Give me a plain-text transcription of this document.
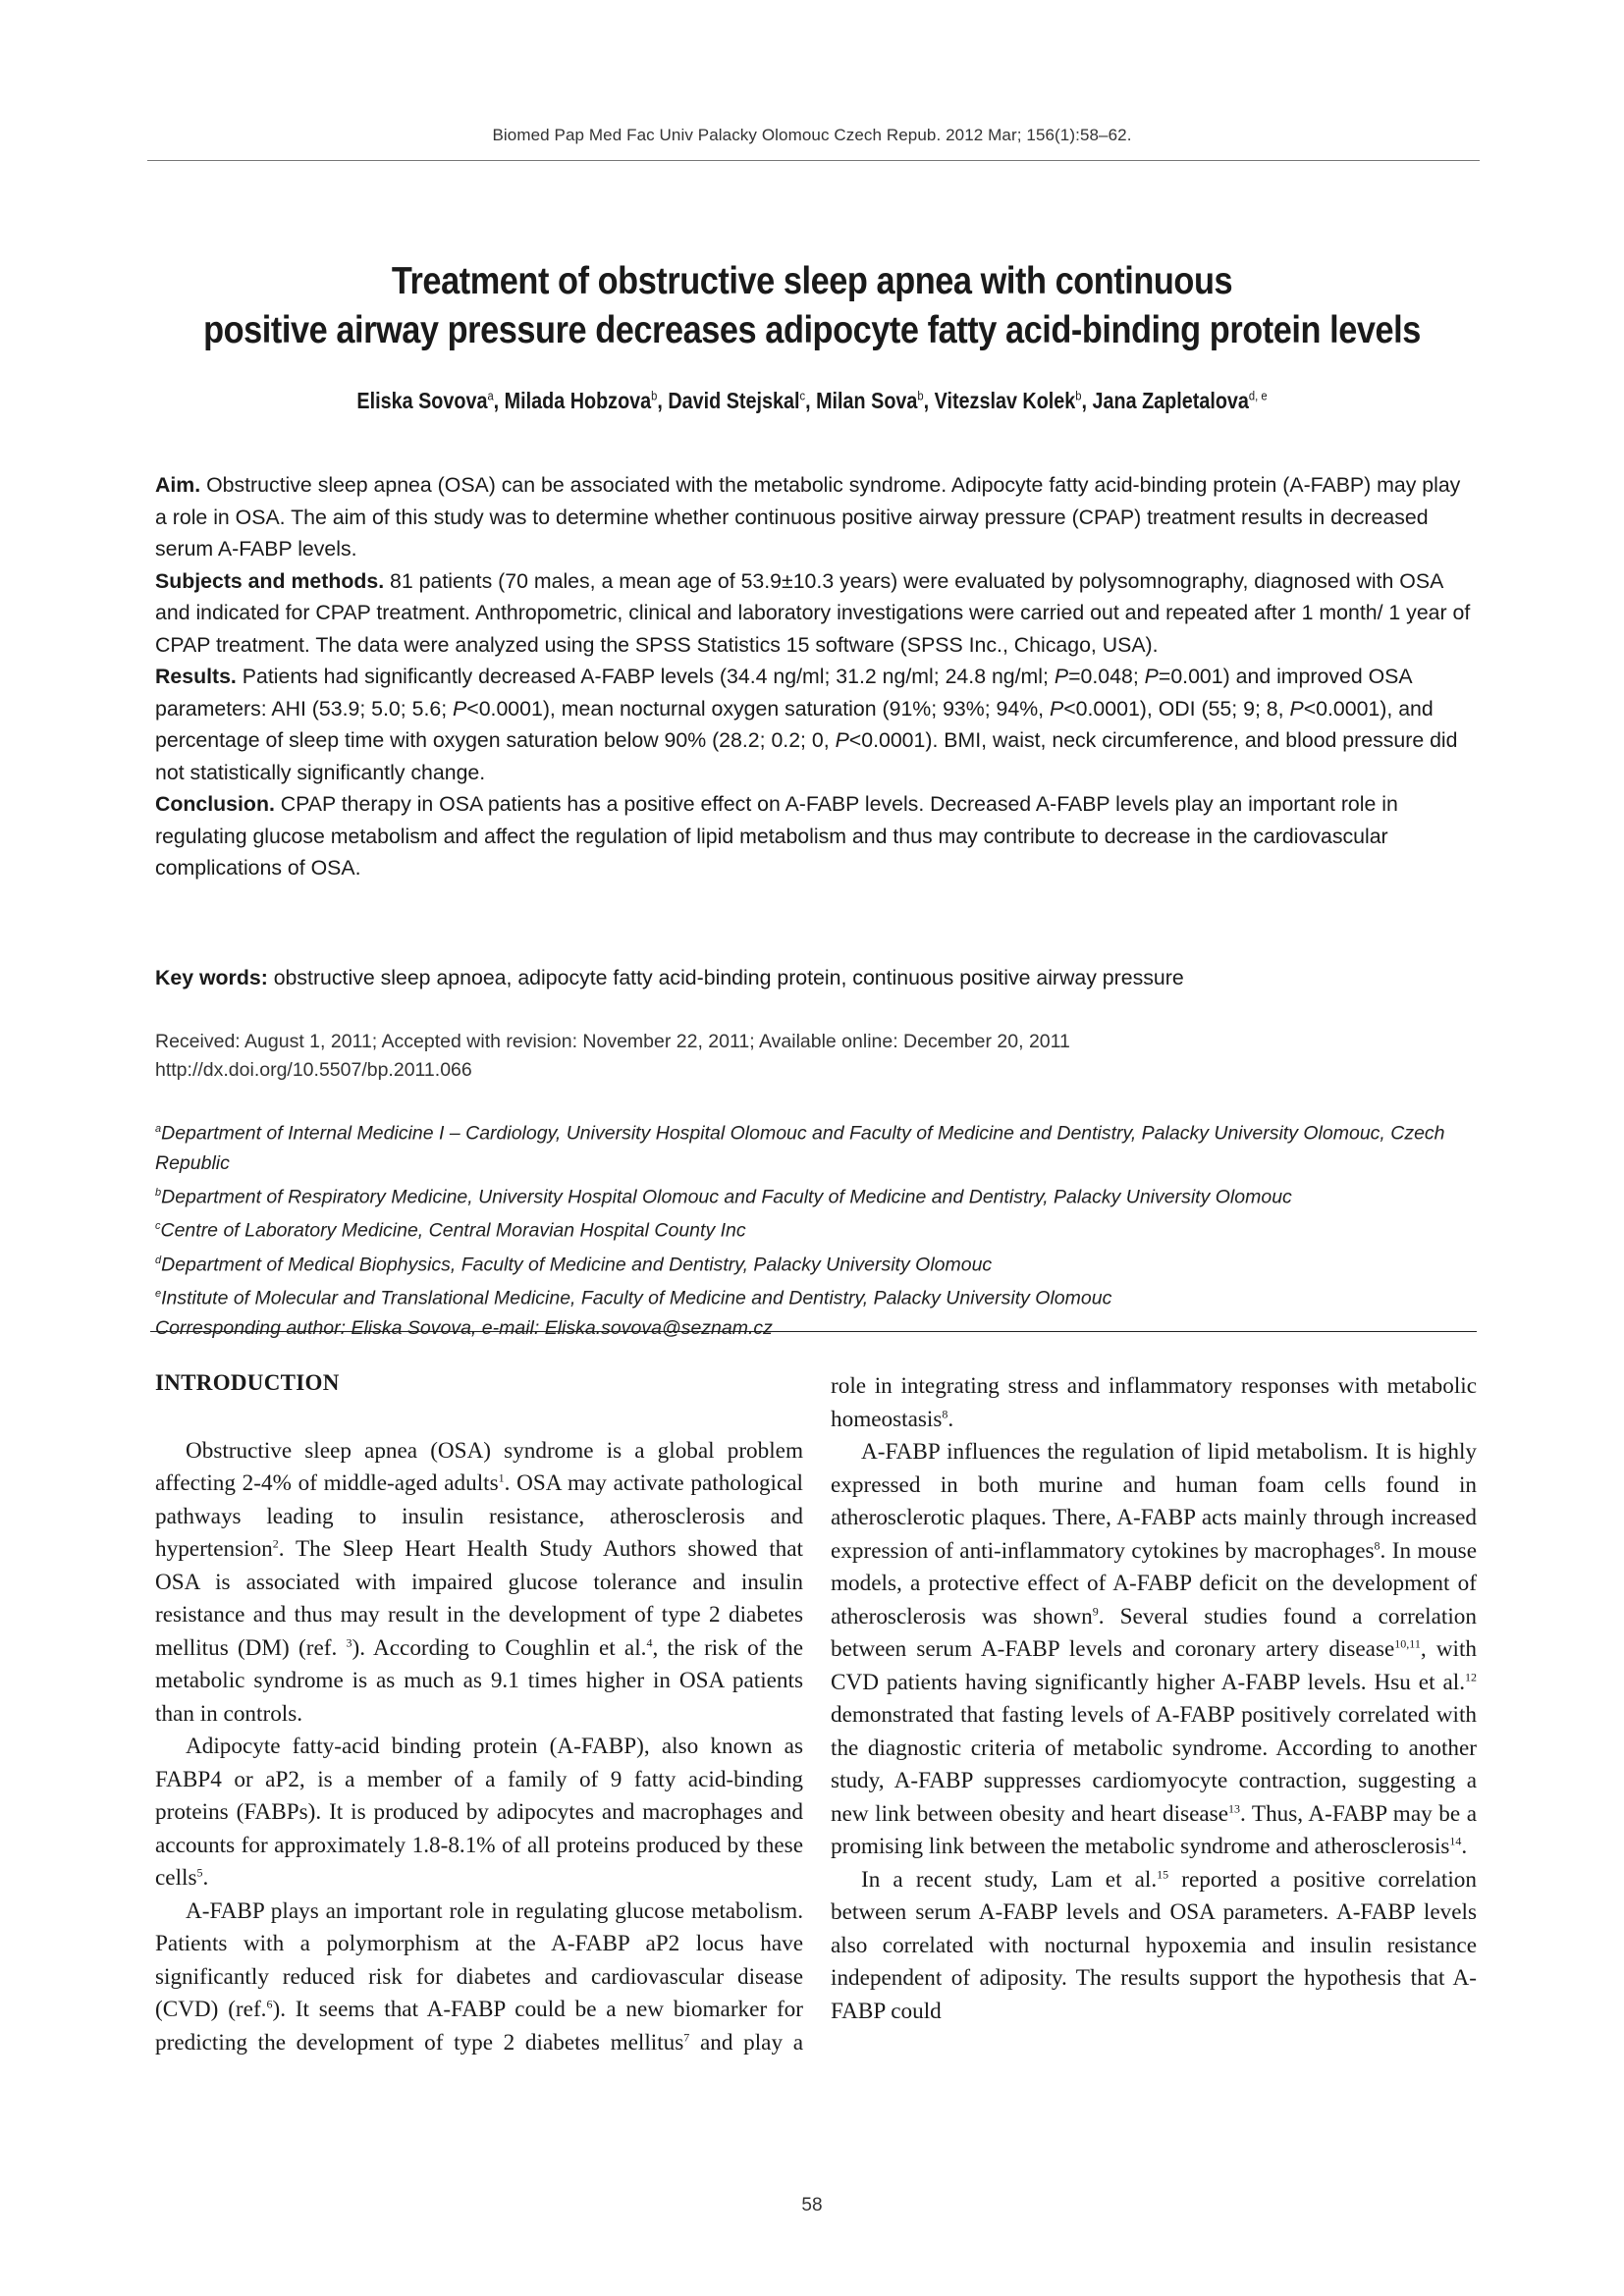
Biomed Pap Med Fac Univ Palacky Olomouc Czech Repub. 2012 Mar; 156(1):58–62.
Treatment of obstructive sleep apnea with continuous
positive airway pressure decreases adipocyte fatty acid-binding protein levels
Eliska Sovova$^a$, Milada Hobzova$^b$, David Stejskal$^c$, Milan Sova$^b$, Vitezslav Kolek$^b$, Jana Zapletalova$^{d, e}$

Aim. Obstructive sleep apnea (OSA) can be associated with the metabolic syndrome. Adipocyte fatty acid-binding protein (A-FABP) may play a role in OSA. The aim of this study was to determine whether continuous positive airway pressure (CPAP) treatment results in decreased serum A-FABP levels.

Subjects and methods. 81 patients (70 males, a mean age of 53.9±10.3 years) were evaluated by polysomnography, diagnosed with OSA and indicated for CPAP treatment. Anthropometric, clinical and laboratory investigations were carried out and repeated after 1 month/ 1 year of CPAP treatment. The data were analyzed using the SPSS Statistics 15 software (SPSS Inc., Chicago, USA).

Results. Patients had significantly decreased A-FABP levels (34.4 ng/ml; 31.2 ng/ml; 24.8 ng/ml; P=0.048; P=0.001) and improved OSA parameters: AHI (53.9; 5.0; 5.6; P<0.0001), mean nocturnal oxygen saturation (91%; 93%; 94%, P<0.0001), ODI (55; 9; 8, P<0.0001), and percentage of sleep time with oxygen saturation below 90% (28.2; 0.2; 0, P<0.0001). BMI, waist, neck circumference, and blood pressure did not statistically significantly change.

Conclusion. CPAP therapy in OSA patients has a positive effect on A-FABP levels. Decreased A-FABP levels play an important role in regulating glucose metabolism and affect the regulation of lipid metabolism and thus may contribute to decrease in the cardiovascular complications of OSA.

Key words: obstructive sleep apnoea, adipocyte fatty acid-binding protein, continuous positive airway pressure
Received: August 1, 2011; Accepted with revision: November 22, 2011; Available online: December 20, 2011
http://dx.doi.org/10.5507/bp.2011.066

$^a$Department of Internal Medicine I – Cardiology, University Hospital Olomouc and Faculty of Medicine and Dentistry, Palacky University Olomouc, Czech Republic

$^b$Department of Respiratory Medicine, University Hospital Olomouc and Faculty of Medicine and Dentistry, Palacky University Olomouc

$^c$Centre of Laboratory Medicine, Central Moravian Hospital County Inc

$^d$Department of Medical Biophysics, Faculty of Medicine and Dentistry, Palacky University Olomouc

$^e$Institute of Molecular and Translational Medicine, Faculty of Medicine and Dentistry, Palacky University Olomouc

Corresponding author: Eliska Sovova, e-mail: Eliska.sovova@seznam.cz

INTRODUCTION

Obstructive sleep apnea (OSA) syndrome is a global problem affecting 2-4% of middle-aged adults$^1$. OSA may activate pathological pathways leading to insulin resistance, atherosclerosis and hypertension$^2$. The Sleep Heart Health Study Authors showed that OSA is associated with impaired glucose tolerance and insulin resistance and thus may result in the development of type 2 diabetes mellitus (DM) (ref. $^3$). According to Coughlin et al.$^4$, the risk of the metabolic syndrome is as much as 9.1 times higher in OSA patients than in controls.

Adipocyte fatty-acid binding protein (A-FABP), also known as FABP4 or aP2, is a member of a family of 9 fatty acid-binding proteins (FABPs). It is produced by adipocytes and macrophages and accounts for approximately 1.8-8.1% of all proteins produced by these cells$^5$.

A-FABP plays an important role in regulating glucose metabolism. Patients with a polymorphism at the A-FABP aP2 locus have significantly reduced risk for diabetes and cardiovascular disease (CVD) (ref.$^6$). It seems that A-FABP could be a new biomarker for predicting the development of type 2 diabetes mellitus$^7$ and play a

role in integrating stress and inflammatory responses with metabolic homeostasis$^8$.

A-FABP influences the regulation of lipid metabolism. It is highly expressed in both murine and human foam cells found in atherosclerotic plaques. There, A-FABP acts mainly through increased expression of anti-inflammatory cytokines by macrophages$^8$. In mouse models, a protective effect of A-FABP deficit on the development of atherosclerosis was shown$^9$. Several studies found a correlation between serum A-FABP levels and coronary artery disease$^{10,11}$, with CVD patients having significantly higher A-FABP levels. Hsu et al.$^{12}$ demonstrated that fasting levels of A-FABP positively correlated with the diagnostic criteria of metabolic syndrome. According to another study, A-FABP suppresses cardiomyocyte contraction, suggesting a new link between obesity and heart disease$^{13}$. Thus, A-FABP may be a promising link between the metabolic syndrome and atherosclerosis$^{14}$.

In a recent study, Lam et al.$^{15}$ reported a positive correlation between serum A-FABP levels and OSA parameters. A-FABP levels also correlated with nocturnal hypoxemia and insulin resistance independent of adiposity. The results support the hypothesis that A-FABP could

58
